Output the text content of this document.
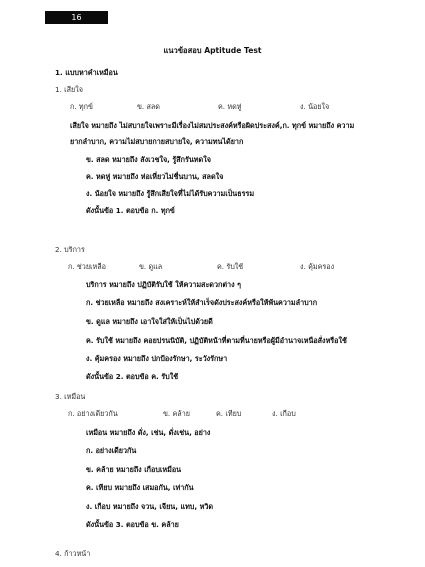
16
แนวข้อสอบ Aptitude Test
1. แบบหาคำเหมือน
1. เสียใจ
ก. ทุกข์	ข. สลด	ค. หดหู่	ง. น้อยใจ
เสียใจ หมายถึง ไม่สบายใจเพราะมีเรื่องไม่สมประสงค์หรือผิดประสงค์,ก. ทุกข์ หมายถึง ความ
ยากลำบาก, ความไม่สบายกายสบายใจ, ความทนได้ยาก
ข. สลด หมายถึง สังเวชใจ, รู้สึกรันทดใจ
ค. หดหู่ หมายถึง ห่อเหี่ยวไม่ชื่นบาน, สลดใจ
ง. น้อยใจ หมายถึง รู้สึกเสียใจที่ไม่ได้รับความเป็นธรรม
ดังนั้นข้อ 1. ตอบข้อ ก. ทุกข์
2. บริการ
ก. ช่วยเหลือ	ข. ดูแล	ค. รับใช้	ง. คุ้มครอง
บริการ หมายถึง ปฏิบัติรับใช้ ให้ความสะดวกต่าง ๆ
ก. ช่วยเหลือ หมายถึง สงเคราะห์ให้สำเร็จดังประสงค์หรือให้พ้นความลำบาก
ข. ดูแล หมายถึง เอาใจใส่ให้เป็นไปด้วยดี
ค. รับใช้ หมายถึง คอยปรนนิบัติ, ปฏิบัติหน้าที่ตามที่นายหรือผู้มีอำนาจเหนือสั่งหรือใช้
ง. คุ้มครอง หมายถึง ปกป้องรักษา, ระวังรักษา
ดังนั้นข้อ 2. ตอบข้อ ค. รับใช้
3. เหมือน
ก. อย่างเดียวกัน	ข. คล้าย	ค. เทียบ	ง. เกือบ
เหมือน หมายถึง ดั่ง, เช่น, ดั่งเช่น, อย่าง
ก. อย่างเดียวกัน
ข. คล้าย หมายถึง เกือบเหมือน
ค. เทียบ หมายถึง เสมอกัน, เท่ากัน
ง. เกือบ หมายถึง จวน, เจียน, แทบ, หวิด
ดังนั้นข้อ 3. ตอบข้อ ข. คล้าย
4. ก้าวหน้า
